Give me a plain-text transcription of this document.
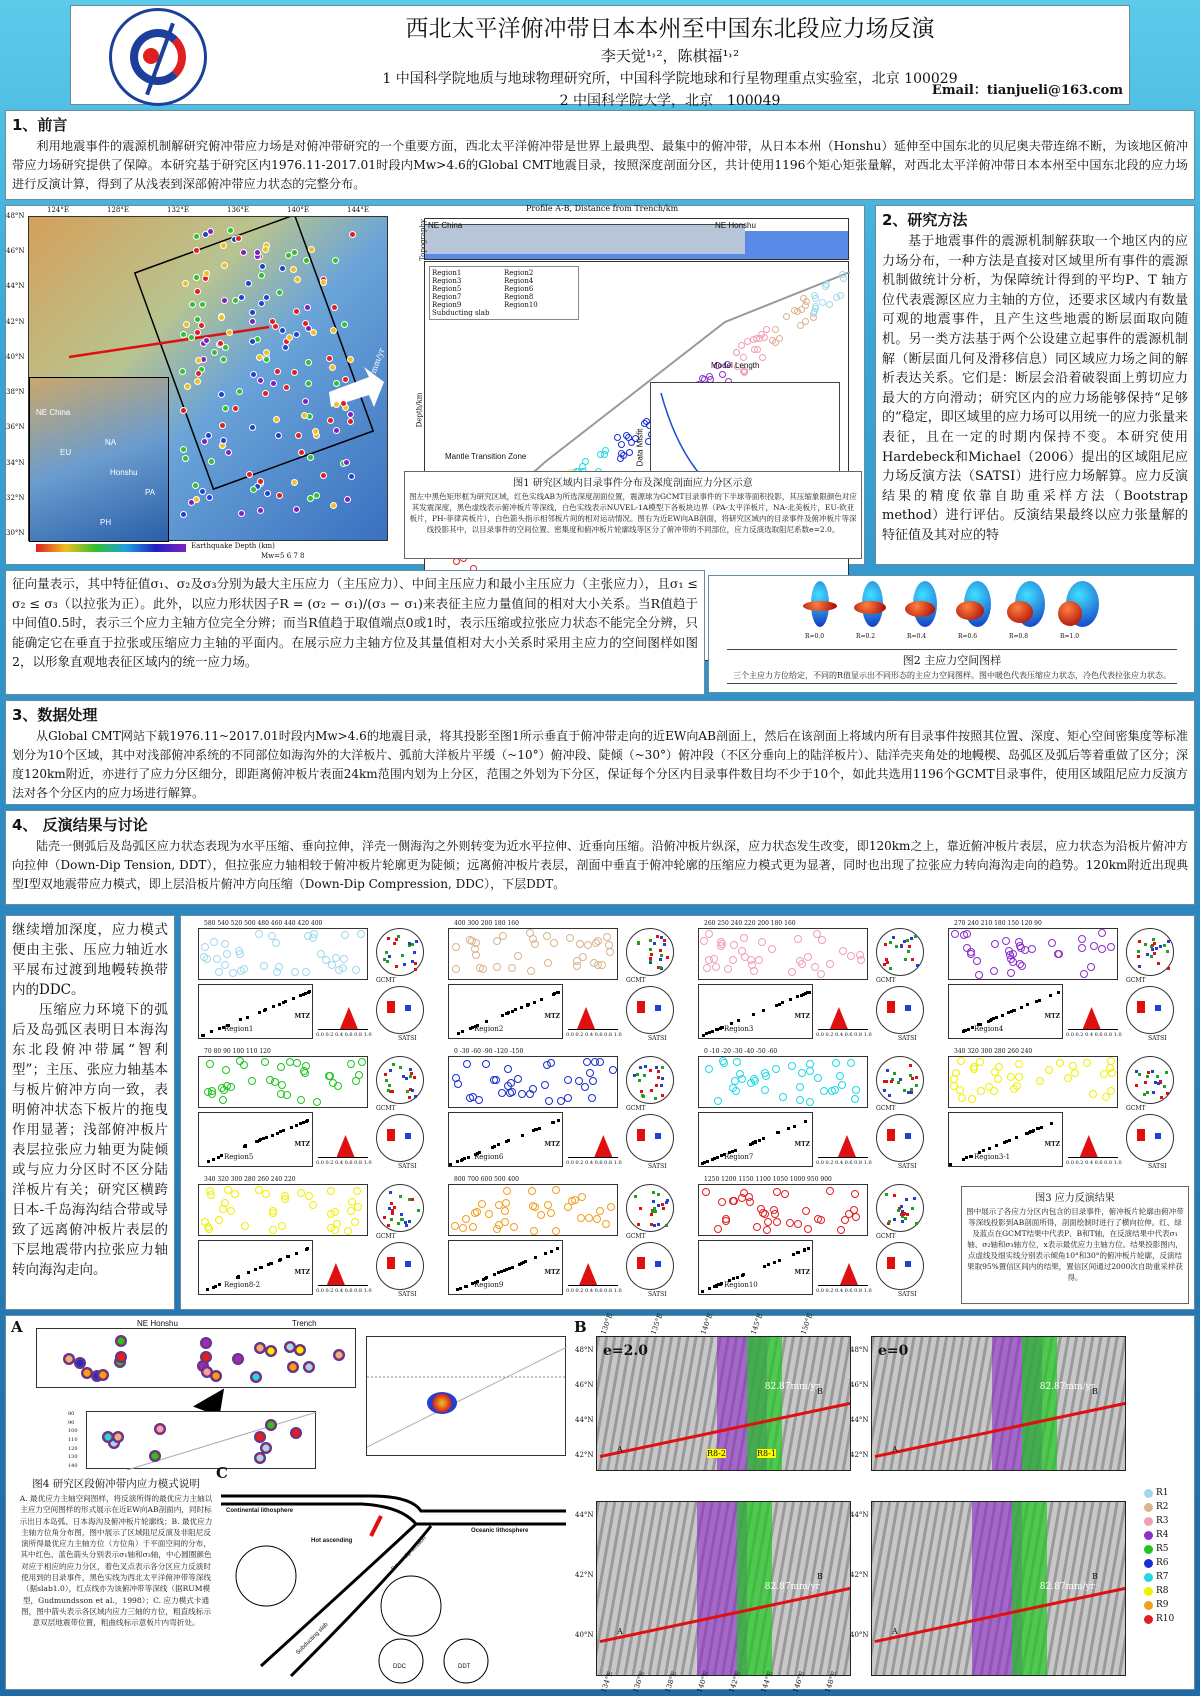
西北太平洋俯冲带日本本州至中国东北段应力场反演
李天觉¹˒²，陈棋福¹˒²
1 中国科学院地质与地球物理研究所，中国科学院地球和行星物理重点实验室，北京 100029
2 中国科学院大学，北京　100049
Email：tianjueli@163.com
1、前言
利用地震事件的震源机制解研究俯冲带应力场是对俯冲带研究的一个重要方面，西北太平洋俯冲带是世界上最典型、最集中的俯冲带，从日本本州（Honshu）延伸至中国东北的贝尼奥夫带连绵不断，为该地区俯冲带应力场研究提供了保障。本研究基于研究区内1976.11-2017.01时段内Mw>4.6的Global CMT地震目录，按照深度剖面分区，共计使用1196个矩心矩张量解，对西北太平洋俯冲带日本本州至中国东北段的应力场进行反演计算，得到了从浅表到深部俯冲带应力状态的完整分布。
NE China
EU
NA
PH
PA
Honshu
82.87mm/yr
124°E	128°E	132°E	136°E	140°E	144°E
48°N
46°N
44°N
42°N
40°N
38°N
36°N
34°N
32°N
30°N
Earthquake Depth (km)
Mw=5 6 7 8
Profile A-B, Distance from Trench/km
NE China	NE Honshu
Topography
Region1	Region2
Region3	Region4
Region5	Region6
Region7	Region8
Region9	Region10
Subducting slab
Model Length
Data Misfit
Mantle Transition Zone
Depth/km
图1 研究区域内目录事件分布及深度剖面应力分区示意
图左中黑色矩形框为研究区域，红色实线AB为所选深度剖面位置，震源球为GCMT目录事件的下半球等面积投影，其压缩象限颜色对应其发震深度，黑色虚线表示俯冲板片等深线，白色实线表示NUVEL-1A模型下各板块边界（PA-太平洋板片，NA-北美板片，EU-欧亚板片，PH-菲律宾板片），白色箭头指示相邻板片间的相对运动情况。图右为近EW向AB剖面，将研究区域内的目录事件及俯冲板片等深线投影其中，以目录事件的空间位置、密集度和俯冲板片轮廓线等区分了俯冲带的不同部位，应力反演选取阻尼系数e=2.0。
2、研究方法
基于地震事件的震源机制解获取一个地区内的应力场分布，一种方法是直接对区域里所有事件的震源机制做统计分析，为保障统计得到的平均P、T 轴方位代表震源区应力主轴的方位，还要求区域内有数量可观的地震事件，且产生这些地震的断层面取向随机。另一类方法基于两个公设建立起事件的震源机制解（断层面几何及滑移信息）同区域应力场之间的解析表达关系。它们是：断层会沿着破裂面上剪切应力最大的方向滑动；研究区内的应力场能够保持“足够的”稳定，即区域里的应力场可以用统一的应力张量来表征，且在一定的时期内保持不变。本研究使用Hardebeck和Michael（2006）提出的区域阻尼应力场反演方法（SATSI）进行应力场解算。应力反演结果的精度依靠自助重采样方法（Bootstrap method）进行评估。反演结果最终以应力张量解的特征值及其对应的特
征向量表示，其中特征值σ₁、σ₂及σ₃分别为最大主压应力（主压应力）、中间主压应力和最小主压应力（主张应力），且σ₁ ≤ σ₂ ≤ σ₃（以拉张为正）。此外，以应力形状因子R = (σ₂ − σ₁)/(σ₃ − σ₁)来表征主应力量值间的相对大小关系。当R值趋于中间值0.5时，表示三个应力主轴方位完全分辨；而当R值趋于取值端点0或1时，表示压缩或拉张应力状态不能完全分辨，只能确定它在垂直于拉张或压缩应力主轴的平面内。在展示应力主轴方位及其量值相对大小关系时采用主应力的空间图样如图2，以形象直观地表征区域内的统一应力场。
R=0.0	R=0.2	R=0.4	R=0.6	R=0.8	R=1.0
图2 主应力空间图样
三个主应力方位给定，不同的R值显示出不同形态的主应力空间图样。图中暖色代表压缩应力状态，冷色代表拉张应力状态。
3、数据处理
从Global CMT网站下载1976.11~2017.01时段内Mw>4.6的地震目录，将其投影至图1所示垂直于俯冲带走向的近EW向AB剖面上，然后在该剖面上将域内所有目录事件按照其位置、深度、矩心空间密集度等标准划分为10个区域，其中对浅部俯冲系统的不同部位如海沟外的大洋板片、弧前大洋板片平缓（~10°）俯冲段、陡倾（~30°）俯冲段（不区分垂向上的陆洋板片）、陆洋壳夹角处的地幔楔、岛弧区及弧后等着重做了区分；深度120km附近，亦进行了应力分区细分，即距离俯冲板片表面24km范围内划为上分区，范围之外划为下分区，保证每个分区内目录事件数目均不少于10个，如此共选用1196个GCMT目录事件，使用区域阻尼应力反演方法对各个分区内的应力场进行解算。
4、 反演结果与讨论
陆壳一侧弧后及岛弧区应力状态表现为水平压缩、垂向拉伸，洋壳一侧海沟之外则转变为近水平拉伸、近垂向压缩。沿俯冲板片纵深，应力状态发生改变，即120km之上，靠近俯冲板片表层，应力状态为沿板片俯冲方向拉伸（Down-Dip Tension, DDT），但拉张应力轴相较于俯冲板片轮廓更为陡倾；远离俯冲板片表层，剖面中垂直于俯冲轮廓的压缩应力模式更为显著，同时也出现了拉张应力转向海沟走向的趋势。120km附近出现典型I型双地震带应力模式，即上层沿板片俯冲方向压缩（Down-Dip Compression, DDC），下层DDT。
继续增加深度，应力模式便由主张、压应力轴近水平展布过渡到地幔转换带内的DDC。
压缩应力环境下的弧后及岛弧区表明日本海沟东北段俯冲带属“智利型”；主压、张应力轴基本与板片俯冲方向一致，表明俯冲状态下板片的拖曳作用显著；浅部俯冲板片表层拉张应力轴更为陡倾或与应力分区时不区分陆洋板片有关；研究区横跨日本-千岛海沟结合带或导致了远离俯冲板片表层的下层地震带内拉张应力轴转向海沟走向。
580 540 520 500 480 460 440 420 400
Region1
MTZ
0.0 0.2 0.4 0.6 0.8 1.0
GCMT
SATSI
400 300 200 180 160
Region2
MTZ
0.0 0.2 0.4 0.6 0.8 1.0
GCMT
SATSI
260 250 240 220 200 180 160
Region3
MTZ
0.0 0.2 0.4 0.6 0.8 1.0
GCMT
SATSI
270 240 210 180 150 120 90
Region4
MTZ
0.0 0.2 0.4 0.6 0.8 1.0
GCMT
SATSI
70 80 90 100 110 120
Region5
MTZ
0.0 0.2 0.4 0.6 0.8 1.0
GCMT
SATSI
0 -30 -60 -90 -120 -150
Region6
MTZ
0.0 0.2 0.4 0.6 0.8 1.0
GCMT
SATSI
0 -10 -20 -30 -40 -50 -60
Region7
MTZ
0.0 0.2 0.4 0.6 0.8 1.0
GCMT
SATSI
340 320 300 280 260 240
Region3-1
MTZ
0.0 0.2 0.4 0.6 0.8 1.0
GCMT
SATSI
340 320 300 280 260 240 220
Region8-2
MTZ
0.0 0.2 0.4 0.6 0.8 1.0
GCMT
SATSI
800 700 600 500 400
Region9
MTZ
0.0 0.2 0.4 0.6 0.8 1.0
GCMT
SATSI
1250 1200 1150 1100 1050 1000 950 900
Region10
MTZ
0.0 0.2 0.4 0.6 0.8 1.0
GCMT
SATSI
图3 应力反演结果
图中展示了各应力分区内包含的目录事件，俯冲板片轮廓由俯冲带等深线投影到AB剖面所得，剖面绘制时进行了横向拉伸。红、绿及蓝点在GCMT结果中代表P、B和T轴，在反演结果中代表σ₁轴、σ₂轴和σ₃轴方位，x表示最优应力主轴方位。结果投影图内，点虚线及细实线分别表示倾角10°和30°的俯冲板片轮廓，反演结果取95%置信区间内的结果，置信区间通过2000次自助重采样获得。
A	NE Honshu	Trench
80
90
100
110
120
130
140
图4 研究区段俯冲带内应力模式说明
A. 最优应力主轴空间图样，将反演所得的最优应力主轴以主应力空间图样的形式展示在近EW向AB剖面内，同时标示出日本岛弧、日本海沟及俯冲板片轮廓线；B. 最优应力主轴方位角分布图，图中展示了区域阻尼反演及非阻尼反演所得最优应力主轴方位（方位角）于平面空间的分布，其中红色、蓝色箭头分别表示σ₁轴和σ₃轴，中心圆圈颜色对应于相应的应力分区，着色叉点表示各分区应力反演时使用到的目录事件，黑色实线为西北太平洋俯冲带等深线（据slab1.0），红点线亦为该俯冲带等深线（据RUM模型，Gudmundsson et al.，1998）；C. 应力模式卡通图，图中箭头表示各区域内应力三轴的方位，粗直线标示意双层地震带位置，粗曲线标示意板片内弯折处。
C
Continental lithosphere
Oceanic lithosphere
Hot ascending	Down-dip tension
Subducting slab
DDC	DDT
B
e=2.0
82.87mm/yr
A
B
R8-1
R8-2
48°N
46°N
44°N
42°N
e=0
82.87mm/yr
A
B
48°N
46°N
44°N
42°N
82.87mm/yr
A
B
44°N
42°N
40°N
82.87mm/yr
A
B
44°N
42°N
40°N
130°E	135°E	140°E	145°E	150°E
134°E 136°E 138°E 140°E 142°E 144°E 146°E 148°E
R1
R2
R3
R4
R5
R6
R7
R8
R9
R10
